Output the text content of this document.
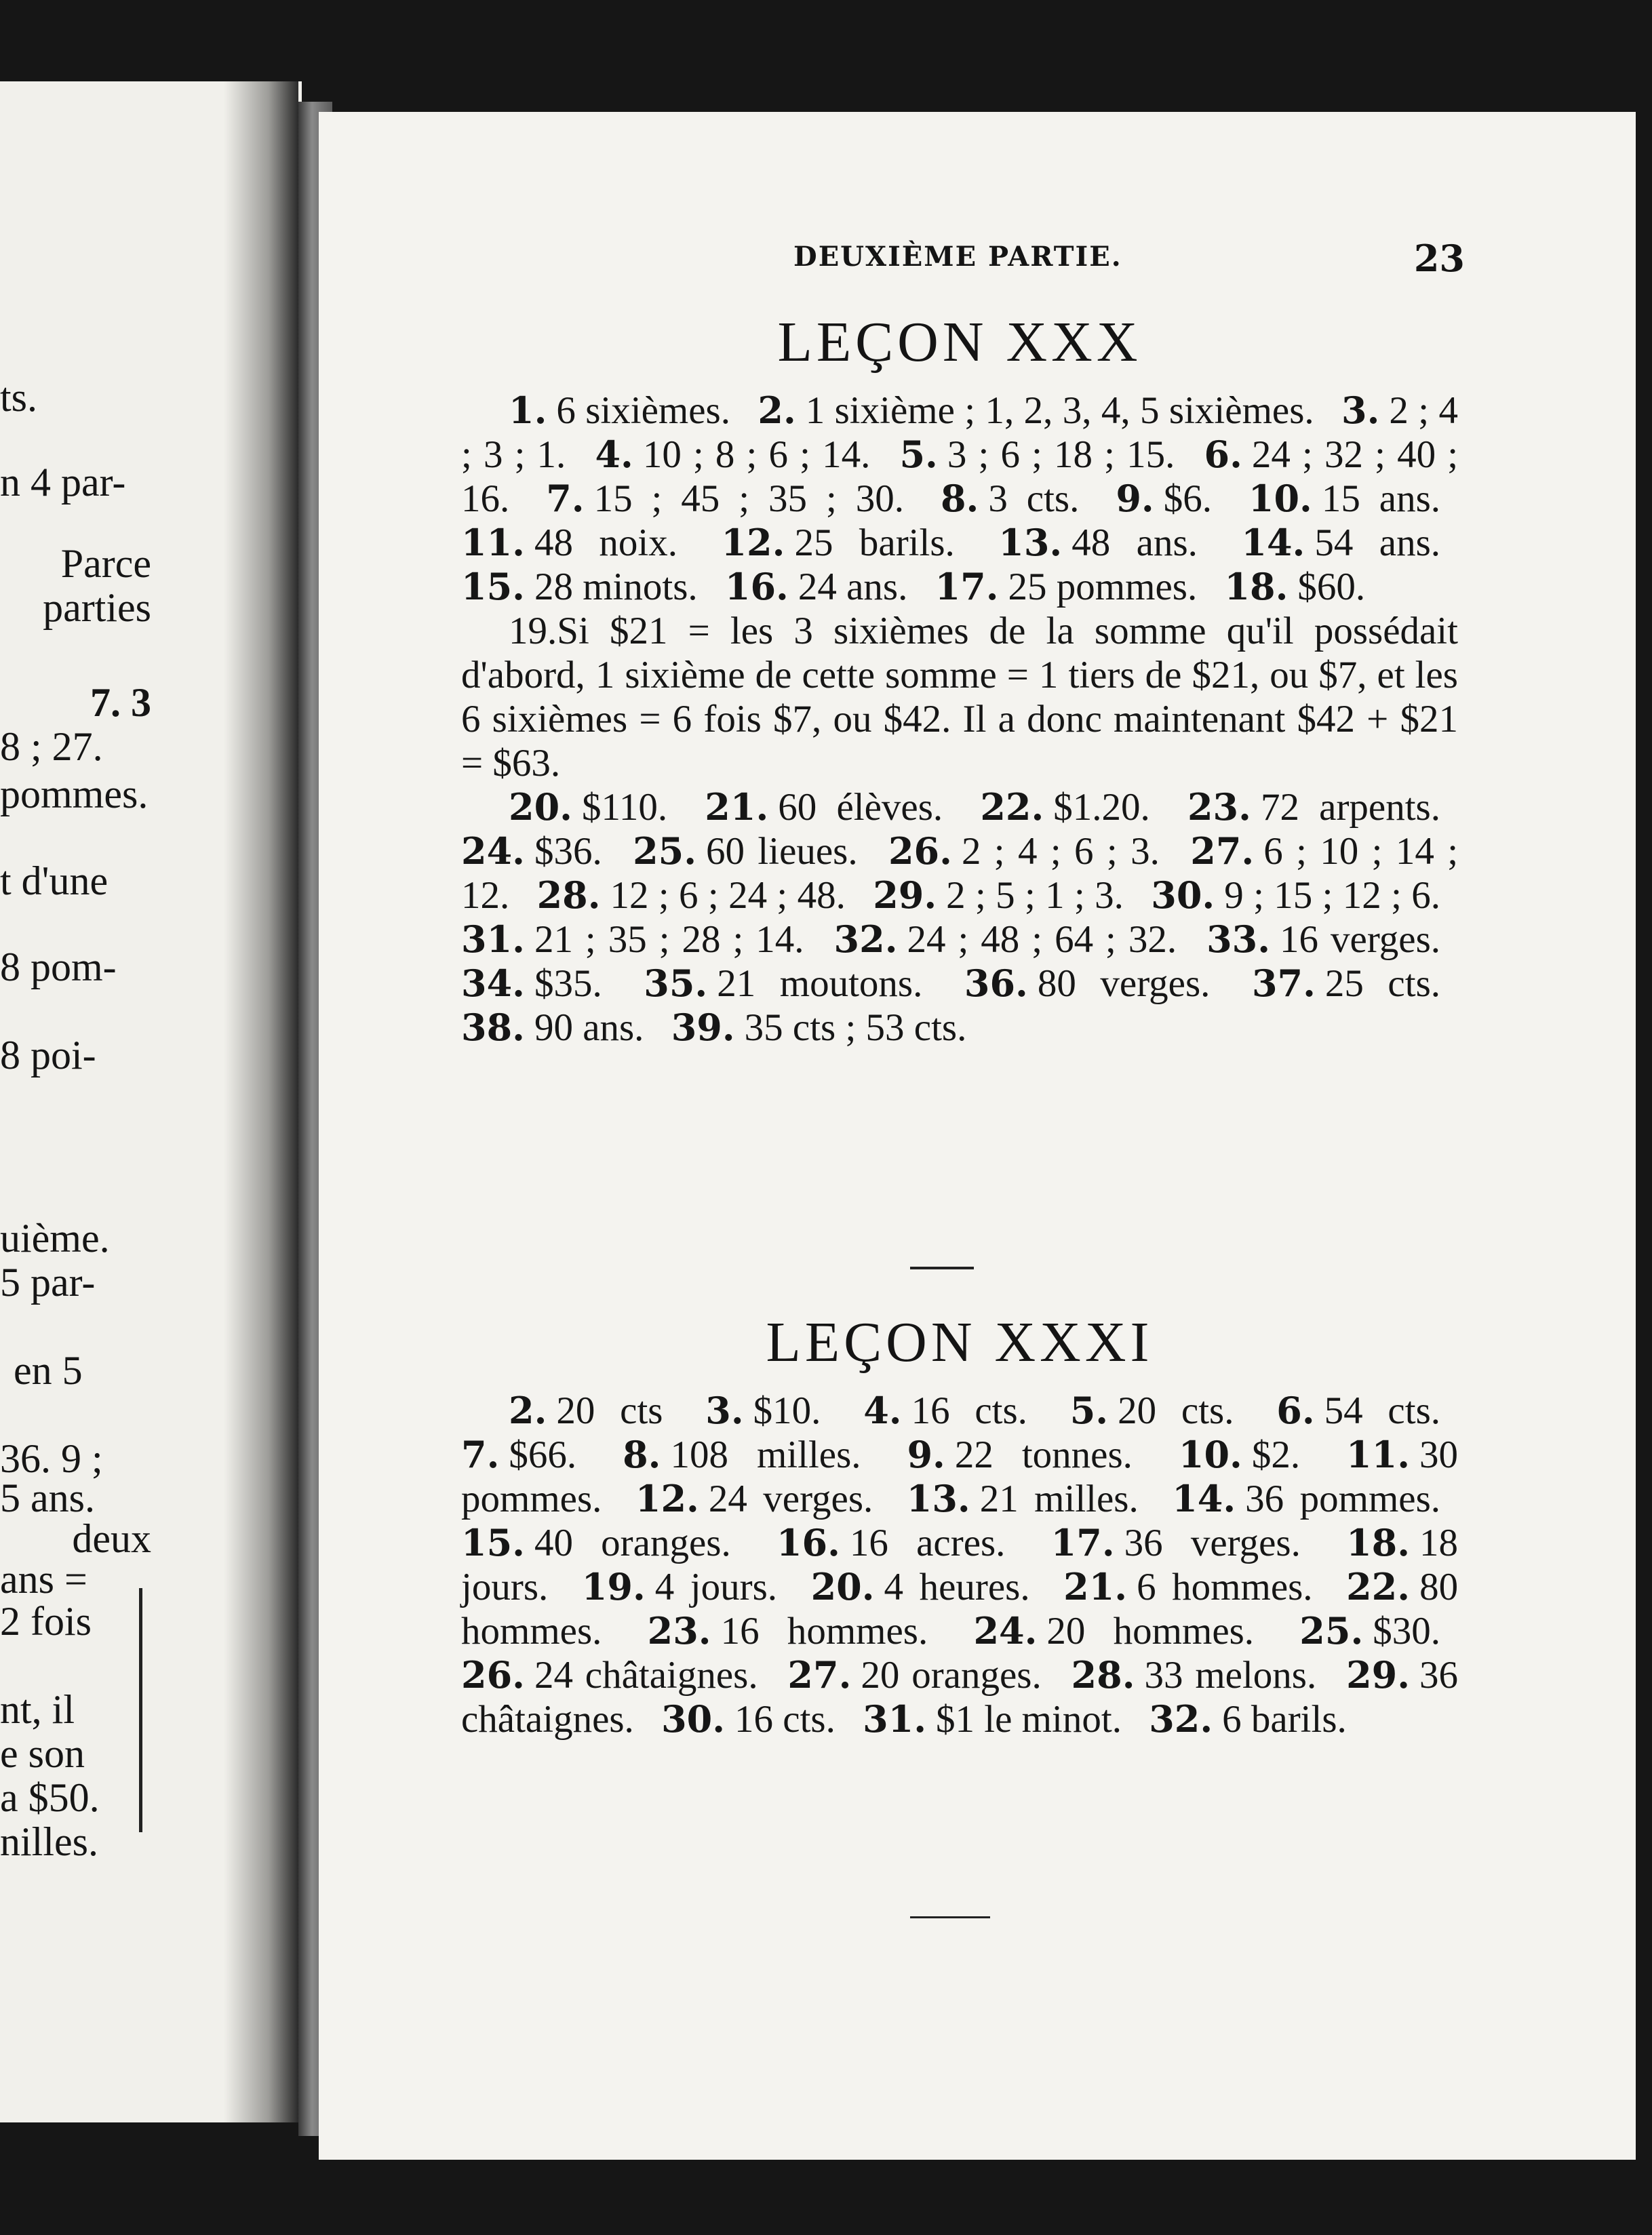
ts.

n 4 par-

Parce

parties

7. 3

8 ; 27.

pommes.

t d'une

8 pom-

8 poi-

uième.

5 par-

en 5

36. 9 ;

5 ans.

deux

ans =

2 fois

nt, il

e son

a $50.

nilles.

DEUXIÈME PARTIE.	23
LEÇON XXX

1. 6 sixièmes. 2. 1 sixième ; 1, 2, 3, 4, 5 sixièmes. 3. 2 ; 4 ; 3 ; 1. 4. 10 ; 8 ; 6 ; 14. 5. 3 ; 6 ; 18 ; 15. 6. 24 ; 32 ; 40 ; 16. 7. 15 ; 45 ; 35 ; 30. 8. 3 cts. 9. $6. 10. 15 ans. 11. 48 noix. 12. 25 barils. 13. 48 ans. 14. 54 ans. 15. 28 minots. 16. 24 ans. 17. 25 pommes. 18. $60.

19.Si $21 = les 3 sixièmes de la somme qu'il possédait d'abord, 1 sixième de cette somme = 1 tiers de $21, ou $7, et les 6 sixièmes = 6 fois $7, ou $42. Il a donc maintenant $42 + $21 = $63.

20. $110. 21. 60 élèves. 22. $1.20. 23. 72 arpents. 24. $36. 25. 60 lieues. 26. 2 ; 4 ; 6 ; 3. 27. 6 ; 10 ; 14 ; 12. 28. 12 ; 6 ; 24 ; 48. 29. 2 ; 5 ; 1 ; 3. 30. 9 ; 15 ; 12 ; 6. 31. 21 ; 35 ; 28 ; 14. 32. 24 ; 48 ; 64 ; 32. 33. 16 verges. 34. $35. 35. 21 moutons. 36. 80 verges. 37. 25 cts. 38. 90 ans. 39. 35 cts ; 53 cts.

LEÇON XXXI

2. 20 cts 3. $10. 4. 16 cts. 5. 20 cts. 6. 54 cts. 7. $66. 8. 108 milles. 9. 22 tonnes. 10. $2. 11. 30 pommes. 12. 24 verges. 13. 21 milles. 14. 36 pommes. 15. 40 oranges. 16. 16 acres. 17. 36 verges. 18. 18 jours. 19. 4 jours. 20. 4 heures. 21. 6 hommes. 22. 80 hommes. 23. 16 hommes. 24. 20 hommes. 25. $30. 26. 24 châtaignes. 27. 20 oranges. 28. 33 melons. 29. 36 châtaignes. 30. 16 cts. 31. $1 le minot. 32. 6 barils.
